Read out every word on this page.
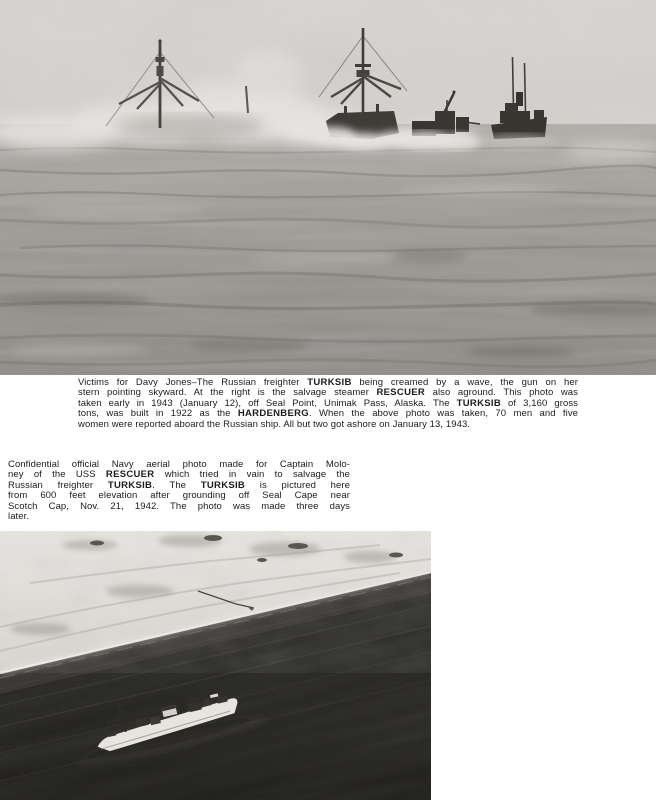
Victims for Davy Jones–The Russian freighter TURKSIB being creamed by a wave, the gun on her
stern pointing skyward. At the right is the salvage steamer RESCUER also aground. This photo was
taken early in 1943 (January 12), off Seal Point, Unimak Pass, Alaska. The TURKSIB of 3,160 gross
tons, was built in 1922 as the HARDENBERG. When the above photo was taken, 70 men and five
women were reported aboard the Russian ship. All but two got ashore on January 13, 1943.
Confidential official Navy aerial photo made for Captain Molo-
ney of the USS RESCUER which tried in vain to salvage the
Russian freighter TURKSIB. The TURKSIB is pictured here
from 600 feet elevation after grounding off Seal Cape near
Scotch Cap, Nov. 21, 1942. The photo was made three days
later.
